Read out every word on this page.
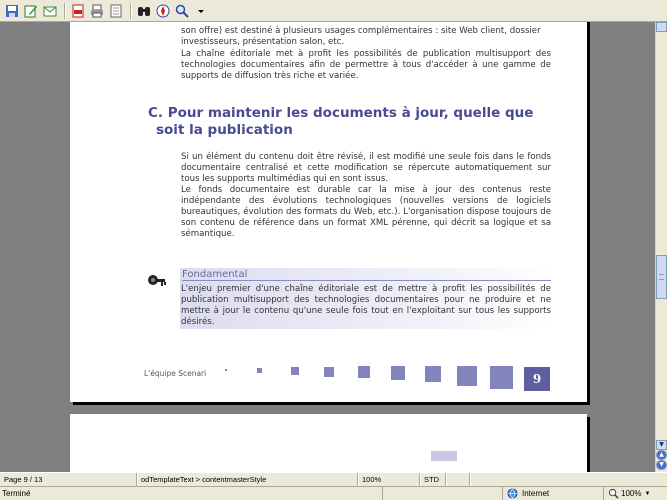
son offre) est destiné à plusieurs usages complémentaires : site Web client, dossier
investisseurs, présentation salon, etc.
La chaîne éditoriale met à profit les possibilités de publication multisupport des technologies documentaires afin de permettre à tous d'accéder à une gamme de supports de diffusion très riche et variée.
C. Pour maintenir les documents à jour, quelle que
soit la publication
Si un élément du contenu doit être révisé, il est modifié une seule fois dans le fonds documentaire centralisé et cette modification se répercute automatiquement sur tous les supports multimédias qui en sont issus.
Le fonds documentaire est durable car la mise à jour des contenus reste indépendante des évolutions technologiques (nouvelles versions de logiciels bureautiques, évolution des formats du Web, etc.). L'organisation dispose toujours de son contenu de référence dans un format XML pérenne, qui décrit sa logique et sa sémantique.
Fondamental
L'enjeu premier d'une chaîne éditoriale est de mettre à profit les possibilités de publication multisupport des technologies documentaires pour ne produire et ne mettre à jour le contenu qu'une seule fois tout en l'exploitant sur tous les supports désirés.
L'équipe Scenari	9
▼
▲
▼
Page 9 / 13	odTemplateText > contentmasterStyle	100%	STD
Terminé	Internet	100% ▼
